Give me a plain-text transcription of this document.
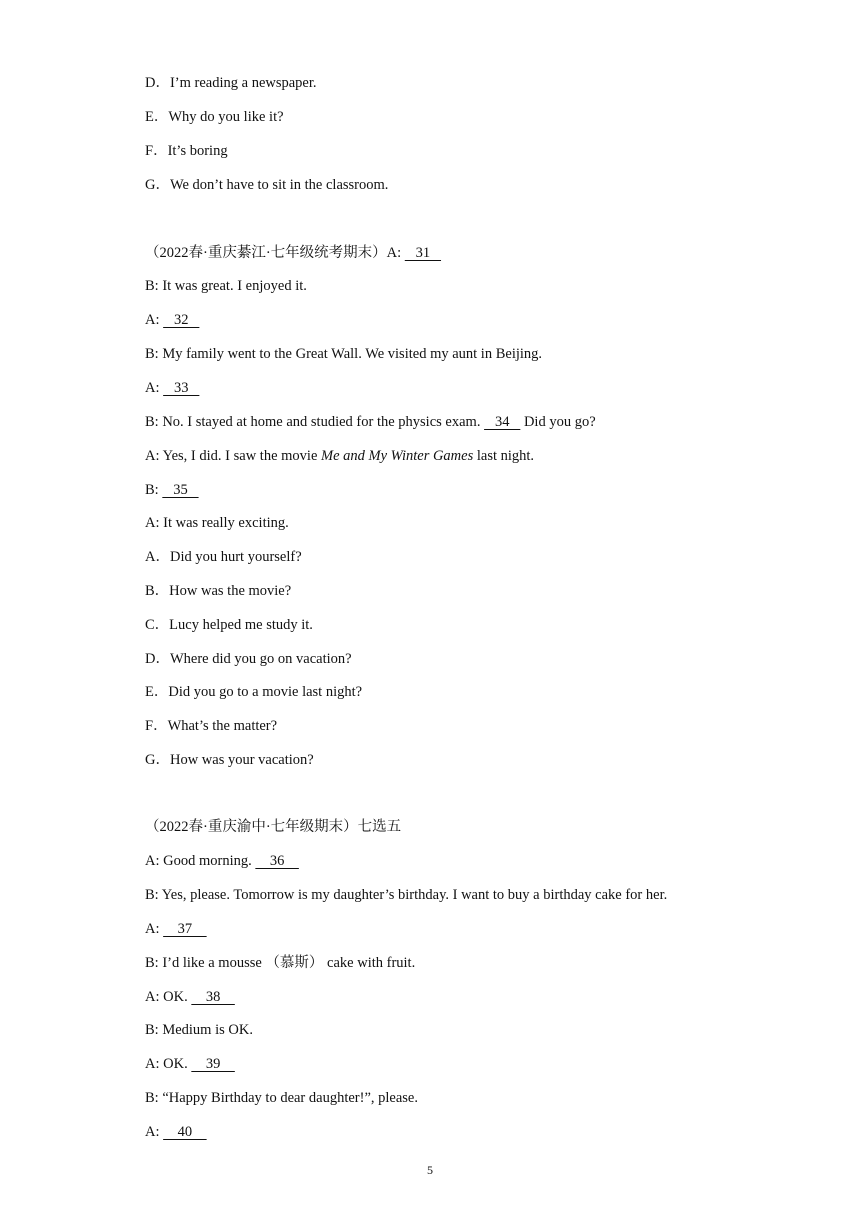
D．I’m reading a newspaper.
E．Why do you like it?
F．It’s boring
G．We don’t have to sit in the classroom.
（2022春·重庆綦江·七年级统考期末）A:    31
B: It was great. I enjoyed it.
A:    32
B: My family went to the Great Wall. We visited my aunt in Beijing.
A:    33
B: No. I stayed at home and studied for the physics exam.    34    Did you go?
A: Yes, I did. I saw the movie Me and My Winter Games last night.
B:    35
A: It was really exciting.
A．Did you hurt yourself?
B．How was the movie?
C．Lucy helped me study it.
D．Where did you go on vacation?
E．Did you go to a movie last night?
F．What’s the matter?
G．How was your vacation?
（2022春·重庆渝中·七年级期末）七选五
A: Good morning.     36
B: Yes, please. Tomorrow is my daughter’s birthday. I want to buy a birthday cake for her.
A:     37
B: I’d like a mousse （慕斯） cake with fruit.
A: OK.     38
B: Medium is OK.
A: OK.     39
B: “Happy Birthday to dear daughter!”, please.
A:     40
5
